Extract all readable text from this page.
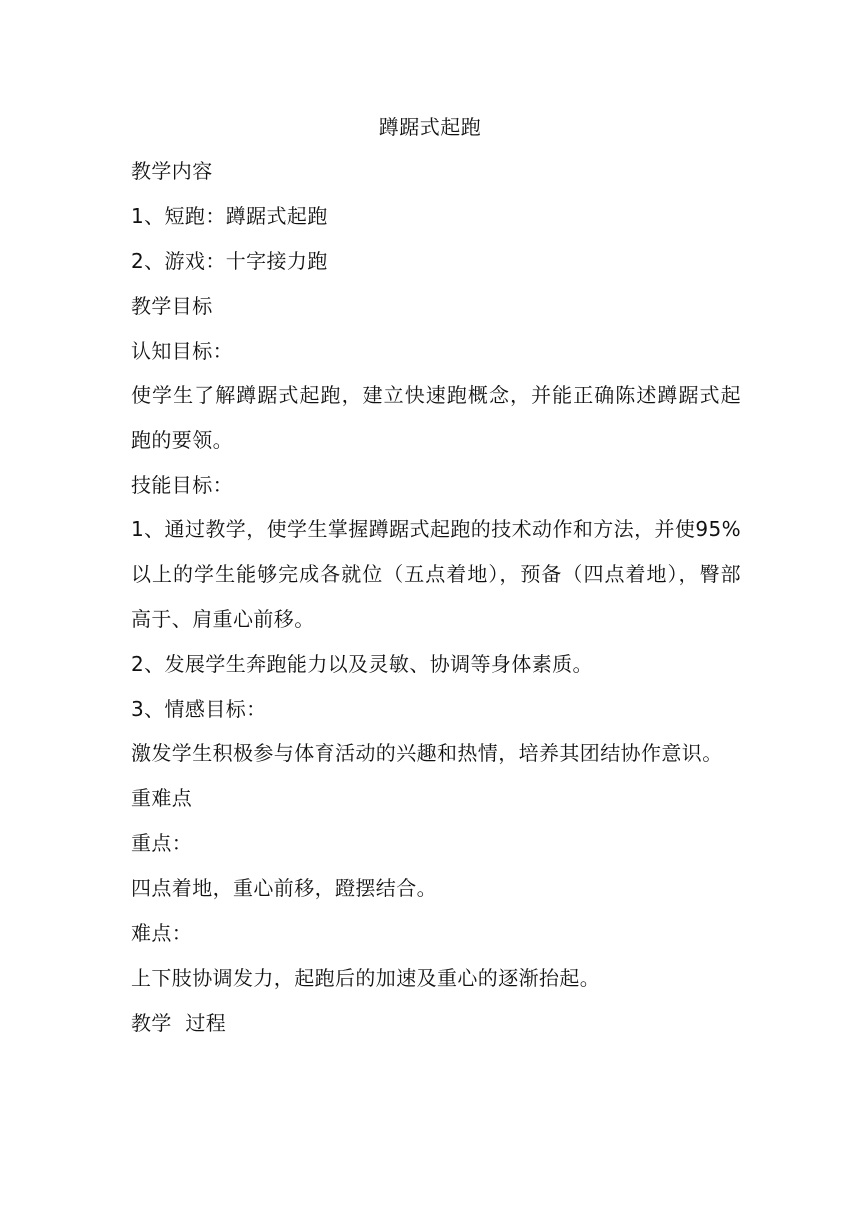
蹲踞式起跑
教学内容
1、短跑：蹲踞式起跑
2、游戏：十字接力跑
教学目标
认知目标：
使学生了解蹲踞式起跑，建立快速跑概念，并能正确陈述蹲踞式起跑的要领。
技能目标：
1、通过教学，使学生掌握蹲踞式起跑的技术动作和方法，并使95%以上的学生能够完成各就位（五点着地），预备（四点着地），臀部高于、肩重心前移。
2、发展学生奔跑能力以及灵敏、协调等身体素质。
3、情感目标：
激发学生积极参与体育活动的兴趣和热情，培养其团结协作意识。
重难点
重点：
四点着地，重心前移，蹬摆结合。
难点：
上下肢协调发力，起跑后的加速及重心的逐渐抬起。
教学  过程
